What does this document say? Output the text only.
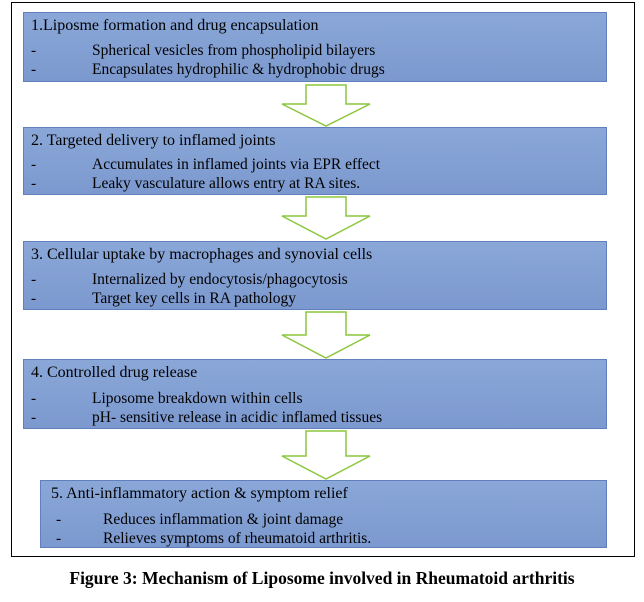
1.Liposme formation and drug encapsulation
-	Spherical vesicles from phospholipid bilayers
-	Encapsulates hydrophilic & hydrophobic drugs
2. Targeted delivery to inflamed joints
-	Accumulates in inflamed joints via EPR effect
-	Leaky vasculature allows entry at RA sites.
3. Cellular uptake by macrophages and synovial cells
-	Internalized by endocytosis/phagocytosis
-	Target key cells in RA pathology
4. Controlled drug release
-	Liposome breakdown within cells
-	pH- sensitive release in acidic inflamed tissues
5. Anti-inflammatory action & symptom relief
-	Reduces inflammation & joint damage
-	Relieves symptoms of rheumatoid arthritis.
Figure 3: Mechanism of Liposome involved in Rheumatoid arthritis
